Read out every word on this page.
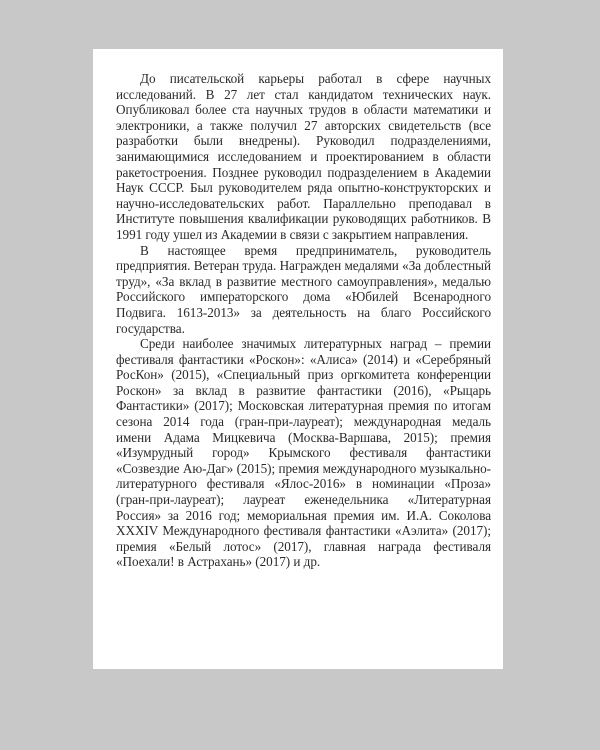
До писательской карьеры работал в сфере научных исследований. В 27 лет стал кандидатом технических наук. Опубликовал более ста научных трудов в области математики и электроники, а также получил 27 авторских свидетельств (все разработки были внедрены). Руководил подразделениями, занимающимися исследованием и проектированием в области ракетостроения. Позднее руководил подразделением в Академии Наук СССР. Был руководителем ряда опытно-конструкторских и научно-исследовательских работ. Параллельно преподавал в Институте повышения квалификации руководящих работников. В 1991 году ушел из Академии в связи с закрытием направления.

В настоящее время предприниматель, руководитель предприятия. Ветеран труда. Награжден медалями «За доблестный труд», «За вклад в развитие местного самоуправления», медалью Российского императорского дома «Юбилей Всенародного Подвига. 1613-2013» за деятельность на благо Российского государства.

Среди наиболее значимых литературных наград – премии фестиваля фантастики «Роскон»: «Алиса» (2014) и «Серебряный РосКон» (2015), «Специальный приз оргкомитета конференции Роскон» за вклад в развитие фантастики (2016), «Рыцарь Фантастики» (2017); Московская литературная премия по итогам сезона 2014 года (гран-при-лауреат); международная медаль имени Адама Мицкевича (Москва-Варшава, 2015); премия «Изумрудный город» Крымского фестиваля фантастики «Созвездие Аю-Даг» (2015); премия международного музыкально-литературного фестиваля «Ялос-2016» в номинации «Проза» (гран-при-лауреат); лауреат еженедельника «Литературная Россия» за 2016 год; мемориальная премия им. И.А. Соколова XXXIV Международного фестиваля фантастики «Аэлита» (2017); премия «Белый лотос» (2017), главная награда фестиваля «Поехали! в Астрахань» (2017) и др.
